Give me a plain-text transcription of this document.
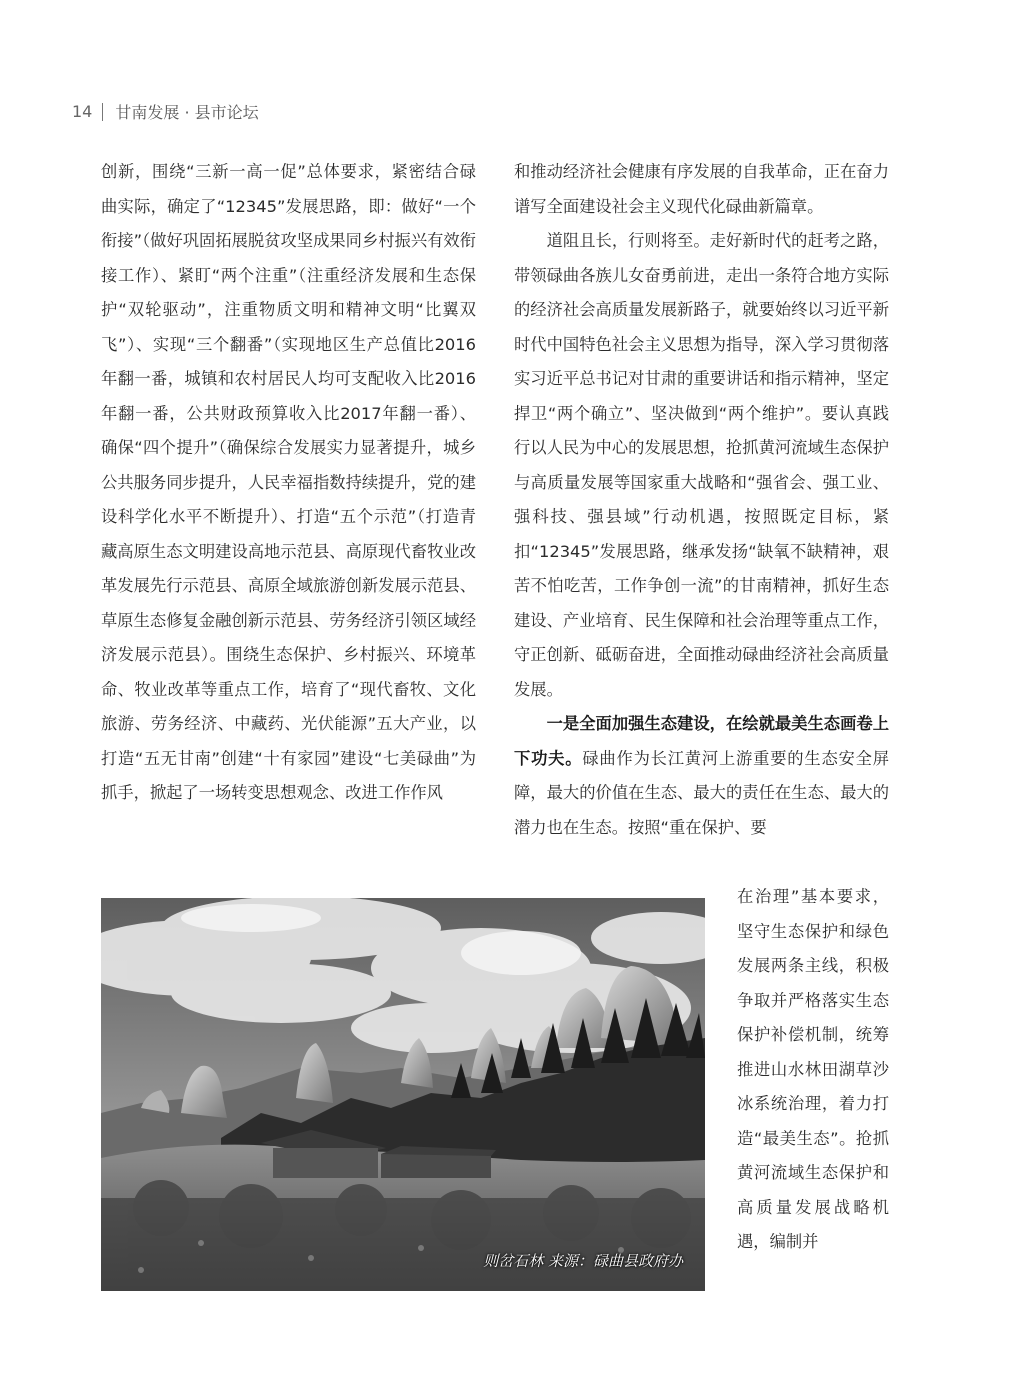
14 甘南发展 · 县市论坛

创新，围绕“三新一高一促”总体要求，紧密结合碌曲实际，确定了“12345”发展思路，即：做好“一个衔接”（做好巩固拓展脱贫攻坚成果同乡村振兴有效衔接工作）、紧盯“两个注重”（注重经济发展和生态保护“双轮驱动”，注重物质文明和精神文明“比翼双飞”）、实现“三个翻番”（实现地区生产总值比2016年翻一番，城镇和农村居民人均可支配收入比2016年翻一番，公共财政预算收入比2017年翻一番）、确保“四个提升”（确保综合发展实力显著提升，城乡公共服务同步提升，人民幸福指数持续提升，党的建设科学化水平不断提升）、打造“五个示范”（打造青藏高原生态文明建设高地示范县、高原现代畜牧业改革发展先行示范县、高原全域旅游创新发展示范县、草原生态修复金融创新示范县、劳务经济引领区域经济发展示范县）。围绕生态保护、乡村振兴、环境革命、牧业改革等重点工作，培育了“现代畜牧、文化旅游、劳务经济、中藏药、光伏能源”五大产业，以打造“五无甘南”创建“十有家园”建设“七美碌曲”为抓手，掀起了一场转变思想观念、改进工作作风

和推动经济社会健康有序发展的自我革命，正在奋力谱写全面建设社会主义现代化碌曲新篇章。

道阻且长，行则将至。走好新时代的赶考之路，带领碌曲各族儿女奋勇前进，走出一条符合地方实际的经济社会高质量发展新路子，就要始终以习近平新时代中国特色社会主义思想为指导，深入学习贯彻落实习近平总书记对甘肃的重要讲话和指示精神，坚定捍卫“两个确立”、坚决做到“两个维护”。要认真践行以人民为中心的发展思想，抢抓黄河流域生态保护与高质量发展等国家重大战略和“强省会、强工业、强科技、强县域”行动机遇，按照既定目标，紧扣“12345”发展思路，继承发扬“缺氧不缺精神，艰苦不怕吃苦，工作争创一流”的甘南精神，抓好生态建设、产业培育、民生保障和社会治理等重点工作，守正创新、砥砺奋进，全面推动碌曲经济社会高质量发展。

一是全面加强生态建设，在绘就最美生态画卷上下功夫。碌曲作为长江黄河上游重要的生态安全屏障，最大的价值在生态、最大的责任在生态、最大的潜力也在生态。按照“重在保护、要

在治理”基本要求，坚守生态保护和绿色发展两条主线，积极争取并严格落实生态保护补偿机制，统筹推进山水林田湖草沙冰系统治理，着力打造“最美生态”。抢抓黄河流域生态保护和高质量发展战略机遇，编制并

则岔石林 来源：碌曲县政府办
